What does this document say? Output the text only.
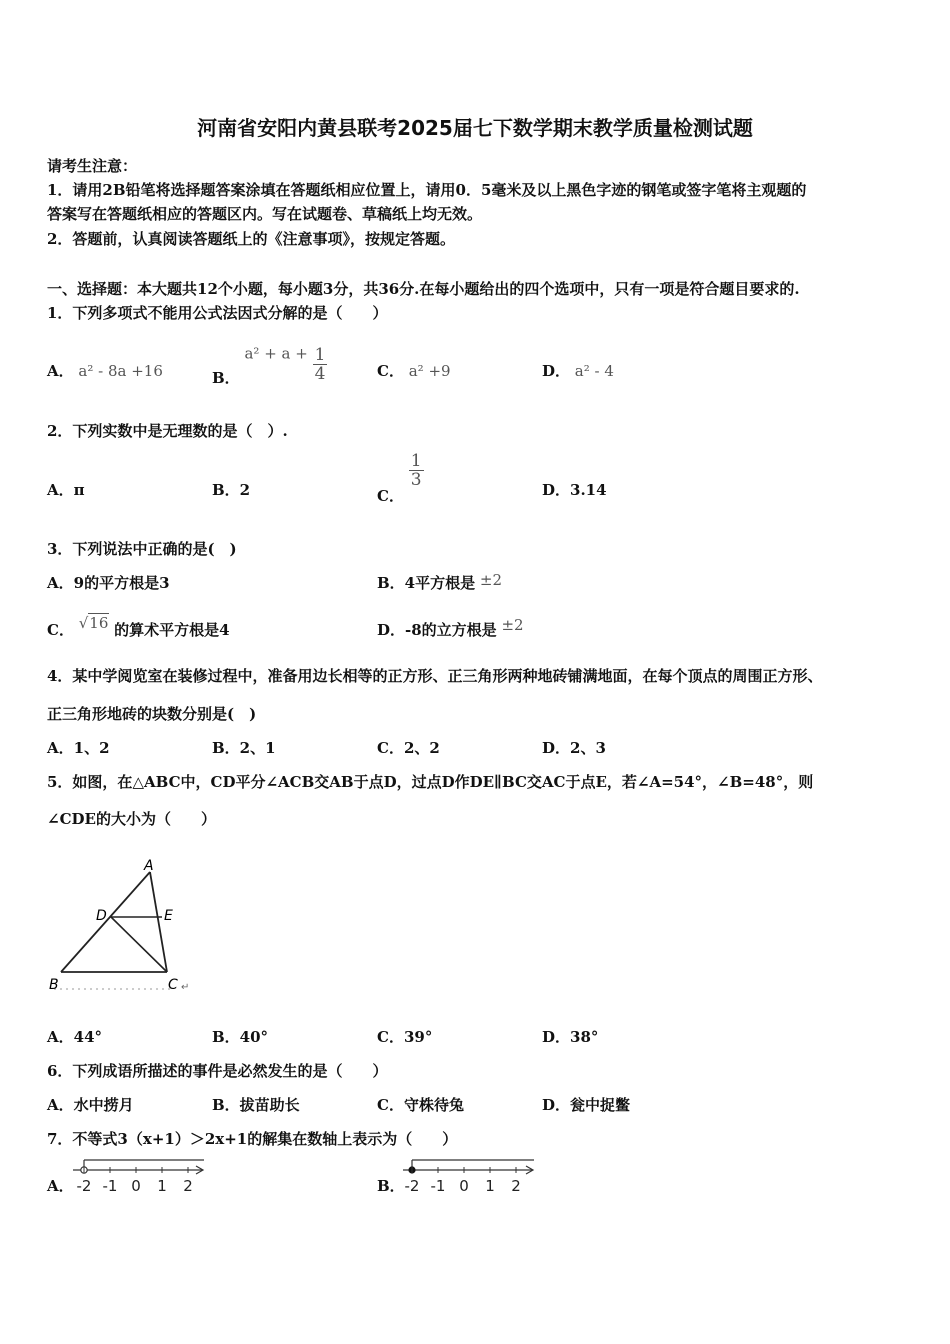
河南省安阳内黄县联考2025届七下数学期末教学质量检测试题
请考生注意：
1．请用2B铅笔将选择题答案涂填在答题纸相应位置上，请用0．5毫米及以上黑色字迹的钢笔或签字笔将主观题的
答案写在答题纸相应的答题区内。写在试题卷、草稿纸上均无效。
2．答题前，认真阅读答题纸上的《注意事项》，按规定答题。
一、选择题：本大题共12个小题，每小题3分，共36分.在每小题给出的四个选项中，只有一项是符合题目要求的.
1．下列多项式不能用公式法因式分解的是（　　）
A． a² - 8a +16	B． $a^2 + a + \frac{1}{4}$	C． a² +9	D． a² - 4
2．下列实数中是无理数的是（　）.
A．π	B．2	C．
$\frac{1}{3}$
D．3.14
3．下列说法中正确的是(　)
A．9的平方根是3	B．4平方根是 ±2
C． √16 的算术平方根是4	D．-8的立方根是 ±2
4．某中学阅览室在装修过程中，准备用边长相等的正方形、正三角形两种地砖铺满地面，在每个顶点的周围正方形、
正三角形地砖的块数分别是(　)
A．1、2	B．2、1	C．2、2	D．2、3
5．如图，在△ABC中，CD平分∠ACB交AB于点D，过点D作DE∥BC交AC于点E，若∠A=54°，∠B=48°，则
∠CDE的大小为（　　）
A
D	E
B	C ↵
A．44°	B．40°	C．39°	D．38°
6．下列成语所描述的事件是必然发生的是（　　）
A．水中捞月	B．拔苗助长	C．守株待兔	D．瓮中捉鳖
7．不等式3（x+1）＞2x+1的解集在数轴上表示为（　　）
A． -2 -1 0 1 2	B． -2 -1 0 1 2
